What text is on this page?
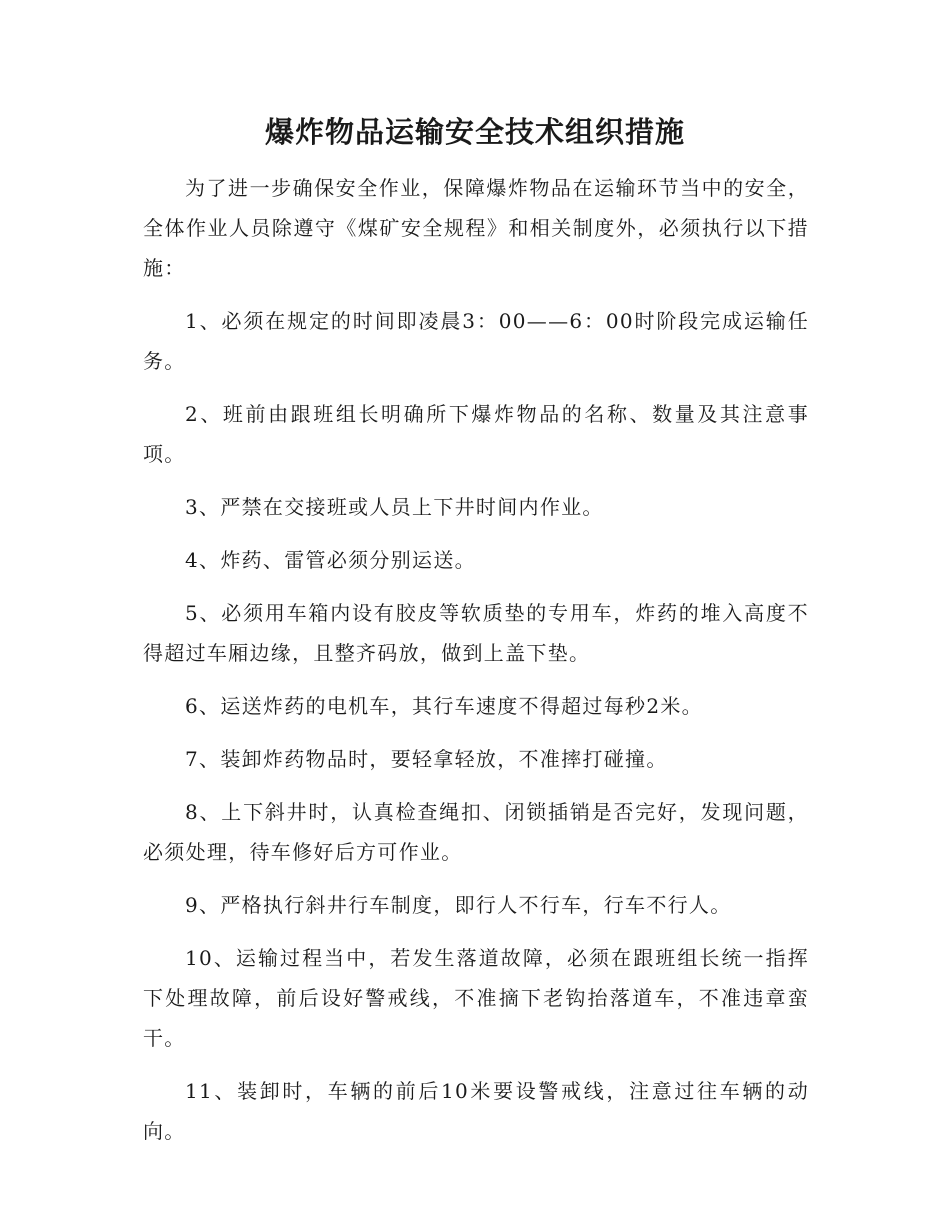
爆炸物品运输安全技术组织措施

为了进一步确保安全作业，保障爆炸物品在运输环节当中的安全，全体作业人员除遵守《煤矿安全规程》和相关制度外，必须执行以下措施：

1、必须在规定的时间即凌晨3：00——6：00时阶段完成运输任务。

2、班前由跟班组长明确所下爆炸物品的名称、数量及其注意事项。

3、严禁在交接班或人员上下井时间内作业。

4、炸药、雷管必须分别运送。

5、必须用车箱内设有胶皮等软质垫的专用车，炸药的堆入高度不得超过车厢边缘，且整齐码放，做到上盖下垫。

6、运送炸药的电机车，其行车速度不得超过每秒2米。

7、装卸炸药物品时，要轻拿轻放，不准摔打碰撞。

8、上下斜井时，认真检查绳扣、闭锁插销是否完好，发现问题，必须处理，待车修好后方可作业。

9、严格执行斜井行车制度，即行人不行车，行车不行人。

10、运输过程当中，若发生落道故障，必须在跟班组长统一指挥下处理故障，前后设好警戒线，不准摘下老钩抬落道车，不准违章蛮干。

11、装卸时，车辆的前后10米要设警戒线，注意过往车辆的动向。
